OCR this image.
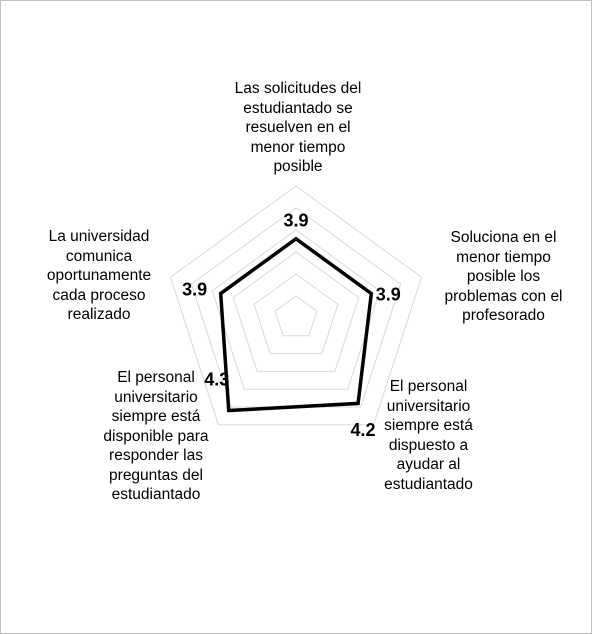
3.9
3.9
4.2
4.3
3.9
Las solicitudes del
estudiantado se
resuelven en el
menor tiempo
posible
Soluciona en el
menor tiempo
posible los
problemas con el
profesorado
El personal
universitario
siempre está
dispuesto a
ayudar al
estudiantado
El personal
universitario
siempre está
disponible para
responder las
preguntas del
estudiantado
La universidad
comunica
oportunamente
cada proceso
realizado
